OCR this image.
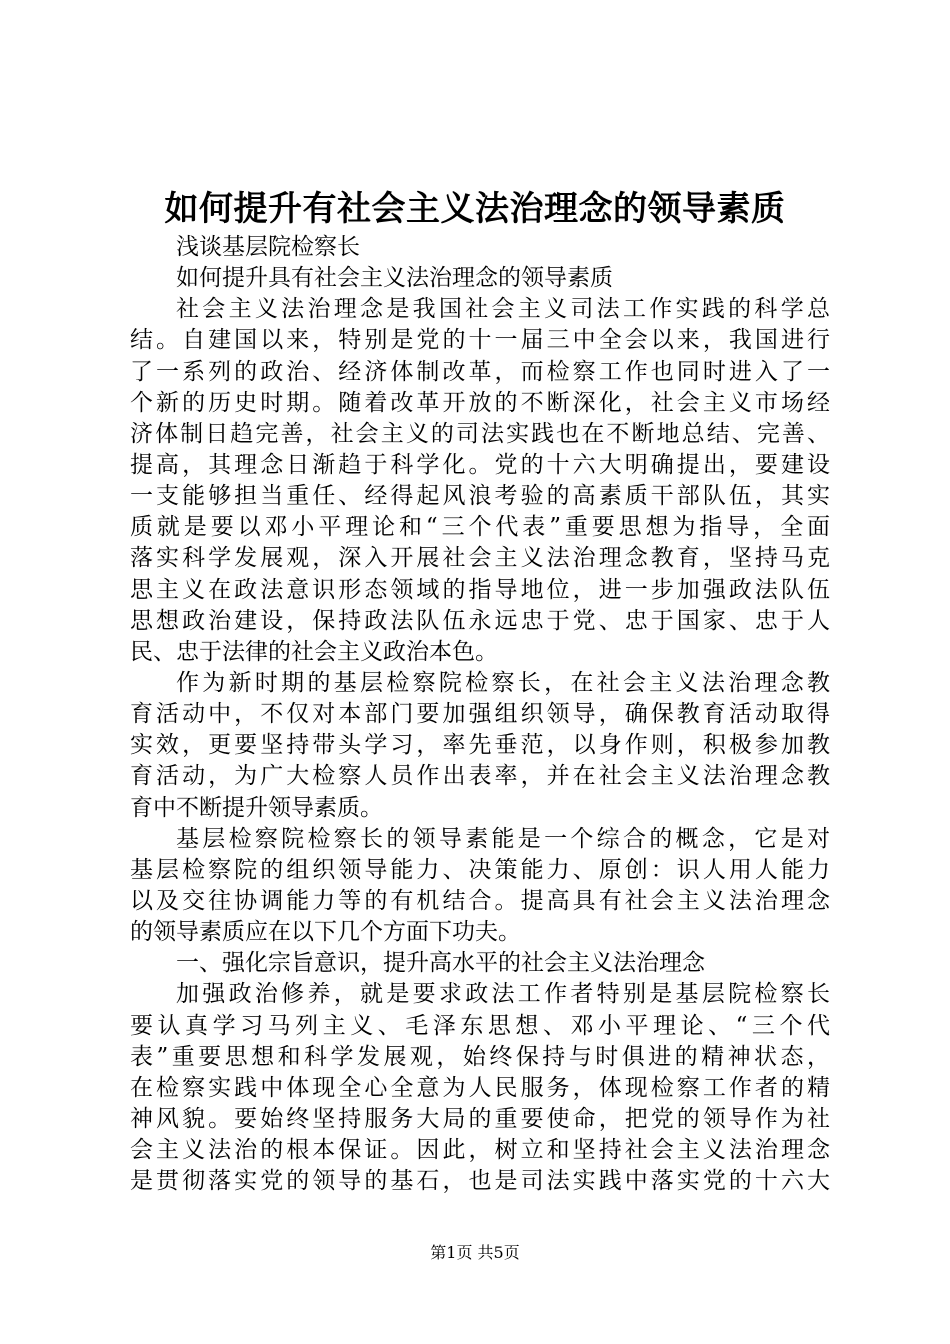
如何提升有社会主义法治理念的领导素质
浅谈基层院检察长
如何提升具有社会主义法治理念的领导素质
社会主义法治理念是我国社会主义司法工作实践的科学总
结。自建国以来，特别是党的十一届三中全会以来，我国进行
了一系列的政治、经济体制改革，而检察工作也同时进入了一
个新的历史时期。随着改革开放的不断深化，社会主义市场经
济体制日趋完善，社会主义的司法实践也在不断地总结、完善、
提高，其理念日渐趋于科学化。党的十六大明确提出，要建设
一支能够担当重任、经得起风浪考验的高素质干部队伍，其实
质就是要以邓小平理论和“三个代表”重要思想为指导，全面
落实科学发展观，深入开展社会主义法治理念教育，坚持马克
思主义在政法意识形态领域的指导地位，进一步加强政法队伍
思想政治建设，保持政法队伍永远忠于党、忠于国家、忠于人
民、忠于法律的社会主义政治本色。
作为新时期的基层检察院检察长，在社会主义法治理念教
育活动中，不仅对本部门要加强组织领导，确保教育活动取得
实效，更要坚持带头学习，率先垂范，以身作则，积极参加教
育活动，为广大检察人员作出表率，并在社会主义法治理念教
育中不断提升领导素质。
基层检察院检察长的领导素能是一个综合的概念，它是对
基层检察院的组织领导能力、决策能力、原创：识人用人能力
以及交往协调能力等的有机结合。提高具有社会主义法治理念
的领导素质应在以下几个方面下功夫。
一、强化宗旨意识，提升高水平的社会主义法治理念
加强政治修养，就是要求政法工作者特别是基层院检察长
要认真学习马列主义、毛泽东思想、邓小平理论、“三个代
表”重要思想和科学发展观，始终保持与时俱进的精神状态，
在检察实践中体现全心全意为人民服务，体现检察工作者的精
神风貌。要始终坚持服务大局的重要使命，把党的领导作为社
会主义法治的根本保证。因此，树立和坚持社会主义法治理念
是贯彻落实党的领导的基石，也是司法实践中落实党的十六大
第1页 共5页
